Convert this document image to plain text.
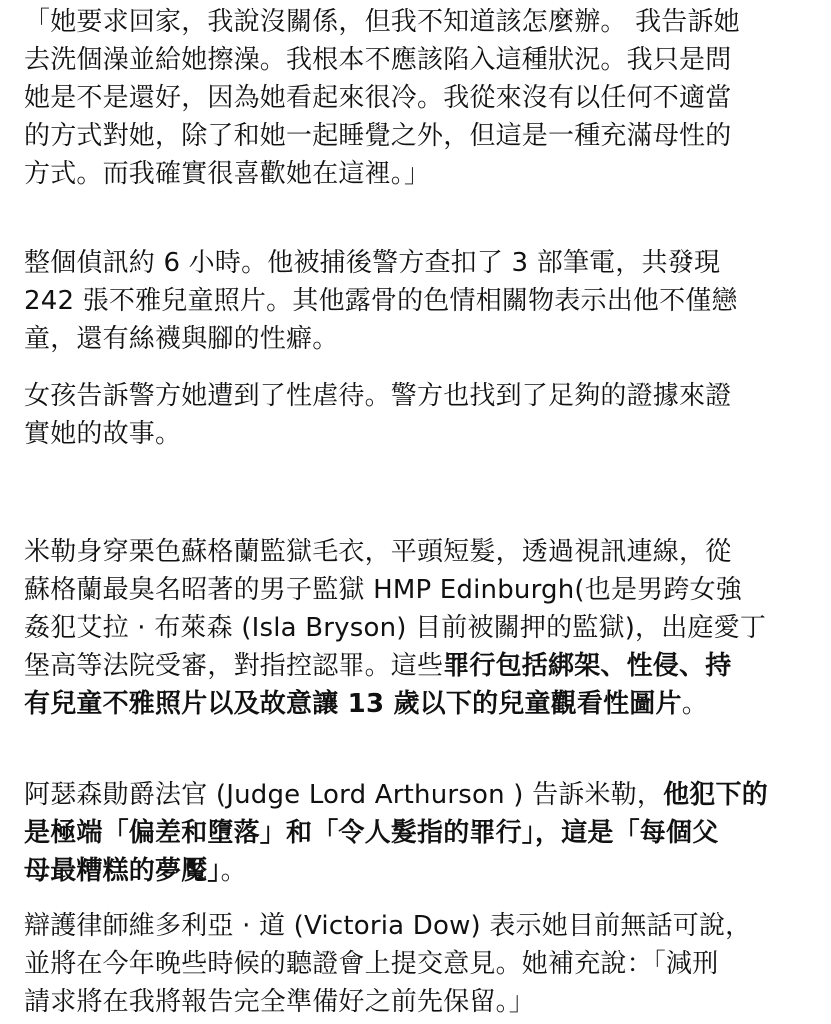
「她要求回家，我說沒關係，但我不知道該怎麼辦。 我告訴她
去洗個澡並給她擦澡。我根本不應該陷入這種狀況。我只是問
她是不是還好，因為她看起來很冷。我從來沒有以任何不適當
的方式對她，除了和她一起睡覺之外，但這是一種充滿母性的
方式。而我確實很喜歡她在這裡。」

整個偵訊約 6 小時。他被捕後警方查扣了 3 部筆電，共發現
242 張不雅兒童照片。其他露骨的色情相關物表示出他不僅戀
童，還有絲襪與腳的性癖。

女孩告訴警方她遭到了性虐待。警方也找到了足夠的證據來證
實她的故事。

米勒身穿栗色蘇格蘭監獄毛衣，平頭短髮，透過視訊連線，從
蘇格蘭最臭名昭著的男子監獄 HMP Edinburgh(也是男跨女強
姦犯艾拉 · 布萊森 (Isla Bryson) 目前被關押的監獄)，出庭愛丁
堡高等法院受審，對指控認罪。這些罪行包括綁架、性侵、持
有兒童不雅照片以及故意讓 13 歲以下的兒童觀看性圖片。

阿瑟森勛爵法官 (Judge Lord Arthurson ) 告訴米勒，他犯下的
是極端「偏差和墮落」和「令人髮指的罪行」，這是「每個父
母最糟糕的夢魘」。

辯護律師維多利亞 · 道 (Victoria Dow) 表示她目前無話可說，
並將在今年晚些時候的聽證會上提交意見。她補充說：「減刑
請求將在我將報告完全準備好之前先保留。」
